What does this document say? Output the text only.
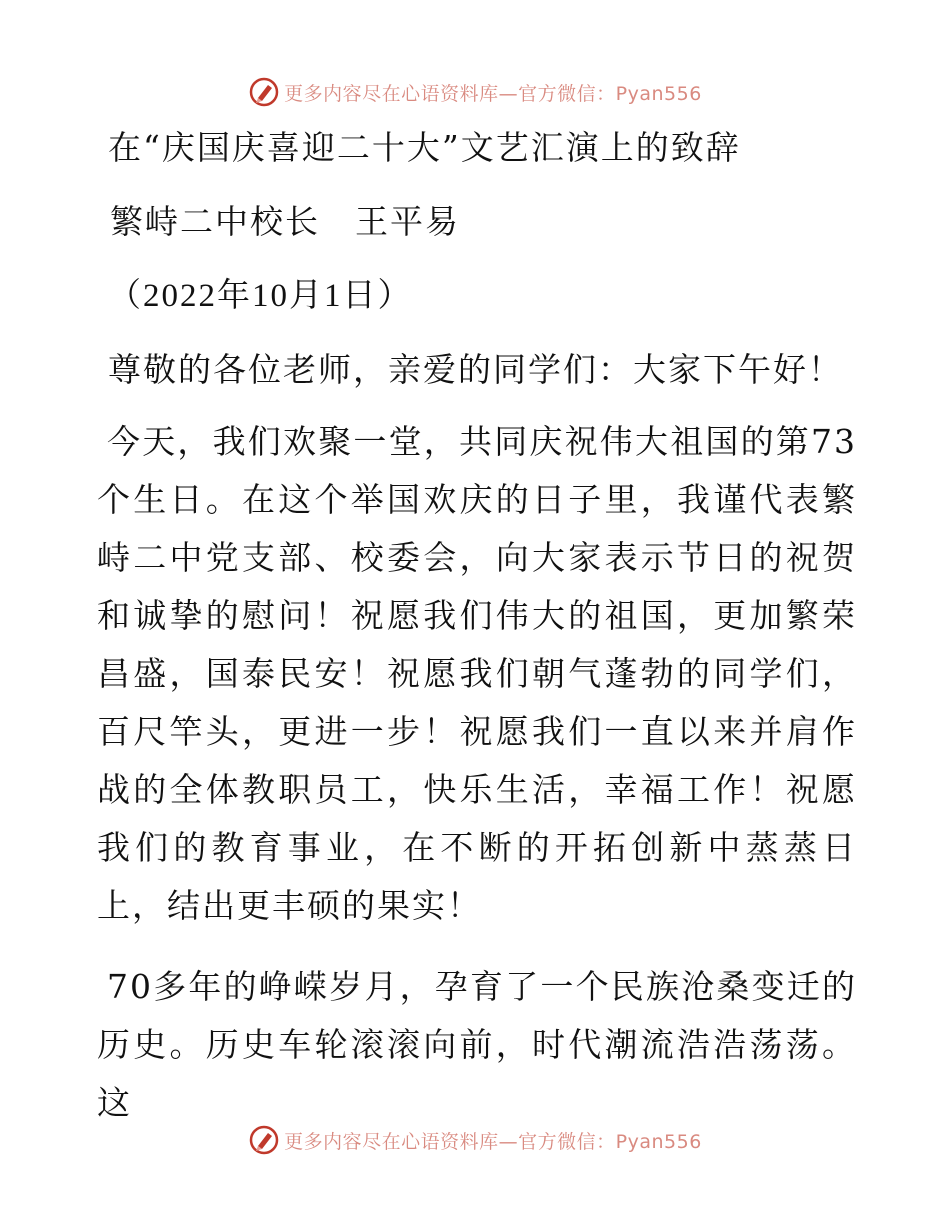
更多内容尽在心语资料库—官方微信：Pyan556
在“庆国庆喜迎二十大”文艺汇演上的致辞
繁峙二中校长　王平易
（2022年10月1日）
尊敬的各位老师，亲爱的同学们：大家下午好！
今天，我们欢聚一堂，共同庆祝伟大祖国的第73个生日。在这个举国欢庆的日子里，我谨代表繁峙二中党支部、校委会，向大家表示节日的祝贺和诚挚的慰问！祝愿我们伟大的祖国，更加繁荣昌盛，国泰民安！祝愿我们朝气蓬勃的同学们，百尺竿头，更进一步！祝愿我们一直以来并肩作战的全体教职员工，快乐生活，幸福工作！祝愿我们的教育事业，在不断的开拓创新中蒸蒸日上，结出更丰硕的果实！
70多年的峥嵘岁月，孕育了一个民族沧桑变迁的历史。历史车轮滚滚向前，时代潮流浩浩荡荡。这
更多内容尽在心语资料库—官方微信：Pyan556
